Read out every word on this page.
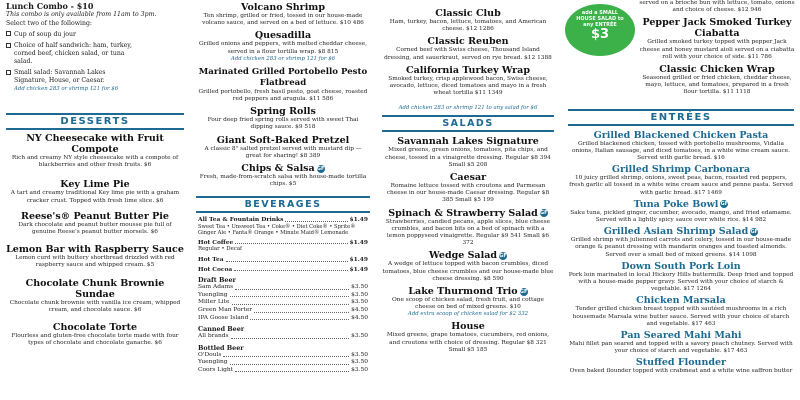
Lunch Combo - $10
This combo is only available from 11am to 3pm.
Select two of the following:
Cup of soup du jour
Choice of half sandwich: ham, turkey, corned beef, chicken salad, or tuna salad.
Small salad: Savannah Lakes Signature, House, or Caesar.
Add chicken 283 or shrimp 121 for $6
DESSERTS
NY Cheesecake with Fruit Compote
Rich and creamy NY style cheesecake with a compote of blackberries and other fresh fruits. $6
Key Lime Pie
A tart and creamy traditional Key lime pie with a graham cracker crust. Topped with fresh lime slice. $6
Reese's® Peanut Butter Pie
Dark chocolate and peanut butter mousse pie full of genuine Reese's peanut butter morsels. $6
Lemon Bar with Raspberry Sauce
Lemon curd with buttery shortbread drizzled with red raspberry sauce and whipped cream. $5
Chocolate Chunk Brownie Sundae
Chocolate chunk brownie with vanilla ice cream, whipped cream, and chocolate sauce. $6
Chocolate Torte
Flourless and gluten-free chocolate torte made with four types of chocolate and chocolate ganache. $6
Volcano Shrimp
Ten shrimp, grilled or fried, tossed in our house-made volcano sauce, and served on a bed of lettuce. $10 486
Quesadilla
Grilled onions and peppers, with melted cheddar cheese, served in a flour tortilla wrap. $8 815
Add chicken 283 or shrimp 121 for $6
Marinated Grilled Portobello Pesto Flatbread
Grilled portobello, fresh basil pesto, goat cheese, roasted red peppers and arugula. $11 586
Spring Rolls
Four deep fried spring rolls served with sweet Thai dipping sauce. $9 518
Giant Soft-Baked Pretzel
A classic 8" salted pretzel served with mustard dip — great for sharing! $8 389
Chips & Salsa GF
Fresh, made-from-scratch salsa with house-made tortilla chips. $5
BEVERAGES
All Tea & Fountain Drinks	$1.49
Sweet Tea • Unsweet Tea • Coke® • Diet Coke® • Sprite® Ginger Ale • Fanta® Orange • Minute Maid® Lemonade
Hot Coffee	$1.49
Regular • Decaf
Hot Tea	$1.49
Hot Cocoa	$1.49
Draft Beer
Sam Adams	$3.50
Yuengling	$3.50
Miller Lite	$3.50
Green Man Porter	$4.50
IPA Goose Island	$4.50
Canned Beer
All brands	$3.50
Bottled Beer
O'Douls	$3.50
Yuengling	$3.50
Coors Light	$3.50
Classic Club
Ham, turkey, bacon, lettuce, tomatoes, and American cheese. $12 1286
Classic Reuben
Corned beef with Swiss cheese, Thousand Island dressing, and sauerkraut, served on rye bread. $12 1388
California Turkey Wrap
Smoked turkey, crisp applewood bacon, Swiss cheese, avocado, lettuce, diced tomatoes and mayo in a fresh wheat tortilla $11 1349
Add chicken 283 or shrimp 121 to any salad for $6
SALADS
Savannah Lakes Signature
Mixed greens, green onions, tomatoes, pita chips, and cheese, tossed in a vinaigrette dressing. Regular $8 394 Small $5 208
Caesar
Romaine lettuce tossed with croutons and Parmesan cheese in our house-made Caesar dressing. Regular $8 385 Small $5 199
Spinach & Strawberry Salad GF
Strawberries, candied pecans, apple slices, blue cheese crumbles, and bacon bits on a bed of spinach with a lemon poppyseed vinaigrette. Regular $9 541 Small $6 372
Wedge Salad GF
A wedge of lettuce topped with bacon crumbles, diced tomatoes, blue cheese crumbles and our house-made blue cheese dressing. $8 590
Lake Thurmond Trio GF
One scoop of chicken salad, fresh fruit, and cottage cheese on bed of mixed greens. $10
Add extra scoop of chicken salad for $2 332
House
Mixed greens, grape tomatoes, cucumbers, red onions, and croutons with choice of dressing. Regular $8 321 Small $5 185
add a SMALL HOUSE SALAD to any ENTRÉE
$3
served on a brioche bun with lettuce, tomato, onions and choice of cheese. $12 946
Pepper Jack Smoked Turkey Ciabatta
Grilled smoked turkey topped with pepper Jack cheese and honey mustard aioli served on a ciabatta roll with your choice of side. $11 786
Classic Chicken Wrap
Seasoned grilled or fried chicken, cheddar cheese, mayo, lettuce, and tomatoes, prepared in a fresh flour tortilla. $11 1118
ENTRÉES
Grilled Blackened Chicken Pasta
Grilled blackened chicken, tossed with portobello mushrooms, Vidalia onions, Italian sausage, and diced tomatoes, in a white wine cream sauce. Served with garlic bread. $16
Grilled Shrimp Carbonara
10 juicy grilled shrimp, onions, sweet peas, bacon, roasted red peppers, fresh garlic all tossed in a white wine cream sauce and penne pasta. Served with garlic bread. $17 1469
Tuna Poke Bowl GF
Saku tuna, pickled ginger, cucumber, avocado, mango, and fried edamame. Served with a lightly spicy sauce over white rice. $14 982
Grilled Asian Shrimp Salad GF
Grilled shrimp with julienned carrots and celery, tossed in our house-made orange & peanut dressing with mandarin oranges and toasted almonds. Served over a small bed of mixed greens. $14 1098
Down South Pork Loin
Pork loin marinated in local Hickory Hills buttermilk. Deep fried and topped with a house-made pepper gravy. Served with your choice of starch & vegetable. $17 1264
Chicken Marsala
Tender grilled chicken breast topped with sautéed mushrooms in a rich housemade Marsala wine butter sauce. Served with your choice of starch and vegetable. $17 463
Pan Seared Mahi Mahi
Mahi fillet pan seared and topped with a savory peach chutney. Served with your choice of starch and vegetable. $17 463
Stuffed Flounder
Oven baked flounder topped with crabmeat and a white wine saffron butter
